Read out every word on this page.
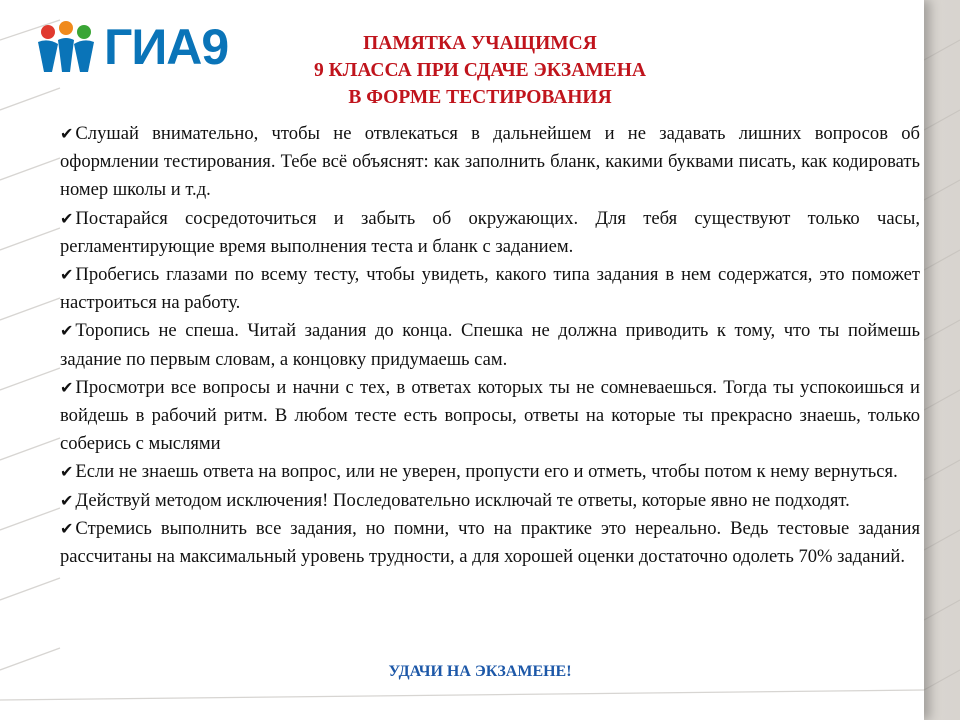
ГИА9	ПАМЯТКА УЧАЩИМСЯ
9 КЛАССА ПРИ СДАЧЕ ЭКЗАМЕНА
В ФОРМЕ ТЕСТИРОВАНИЯ

✔ Слушай внимательно, чтобы не отвлекаться в дальнейшем и не задавать лишних вопросов об оформлении тестирования. Тебе всё объяснят: как заполнить бланк, какими буквами писать, как кодировать номер школы и т.д.

✔ Постарайся сосредоточиться и забыть об окружающих. Для тебя существуют только часы, регламентирующие время выполнения теста и бланк с заданием.

✔ Пробегись глазами по всему тесту, чтобы увидеть, какого типа задания в нем содержатся, это поможет настроиться на работу.

✔ Торопись не спеша. Читай задания до конца. Спешка не должна приводить к тому, что ты поймешь задание по первым словам, а концовку придумаешь сам.

✔ Просмотри все вопросы и начни с тех, в ответах которых ты не сомневаешься. Тогда ты успокоишься и войдешь в рабочий ритм. В любом тесте есть вопросы, ответы на которые ты прекрасно знаешь, только соберись с мыслями

✔ Если не знаешь ответа на вопрос, или не уверен, пропусти его и отметь, чтобы потом к нему вернуться.

✔ Действуй методом исключения! Последовательно исключай те ответы, которые явно не подходят.

✔ Стремись выполнить все задания, но помни, что на практике это нереально. Ведь тестовые задания рассчитаны на максимальный уровень трудности, а для хорошей оценки достаточно одолеть 70% заданий.

УДАЧИ НА ЭКЗАМЕНЕ!
